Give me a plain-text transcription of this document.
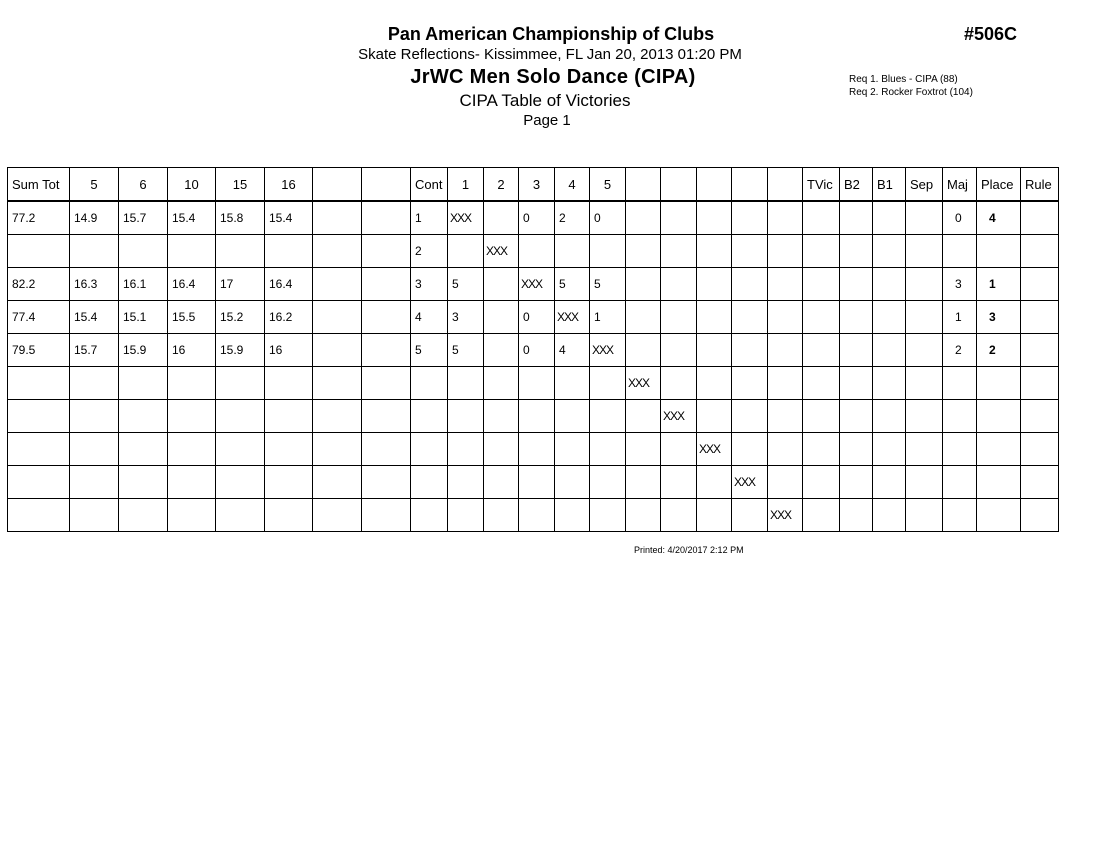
Pan American Championship of Clubs
Skate Reflections- Kissimmee, FL Jan 20, 2013 01:20 PM
JrWC Men Solo Dance (CIPA)
CIPA Table of Victories
Page 1
#506C
Req 1. Blues - CIPA (88)
Req 2. Rocker Foxtrot (104)
Sum Tot	5	6	10	15	16			Cont	1	2	3	4	5						TVic	B2	B1	Sep	Maj	Place	Rule
77.2	14.9	15.7	15.4	15.8	15.4			1	XXX		0	2	0										0	4	
								2		XXX															
82.2	16.3	16.1	16.4	17	16.4			3	5		XXX	5	5										3	1	
77.4	15.4	15.1	15.5	15.2	16.2			4	3		0	XXX	1										1	3	
79.5	15.7	15.9	16	15.9	16			5	5		0	4	XXX										2	2	
														XXX											
															XXX										
																XXX									
																	XXX								
																		XXX							
Printed: 4/20/2017 2:12 PM
